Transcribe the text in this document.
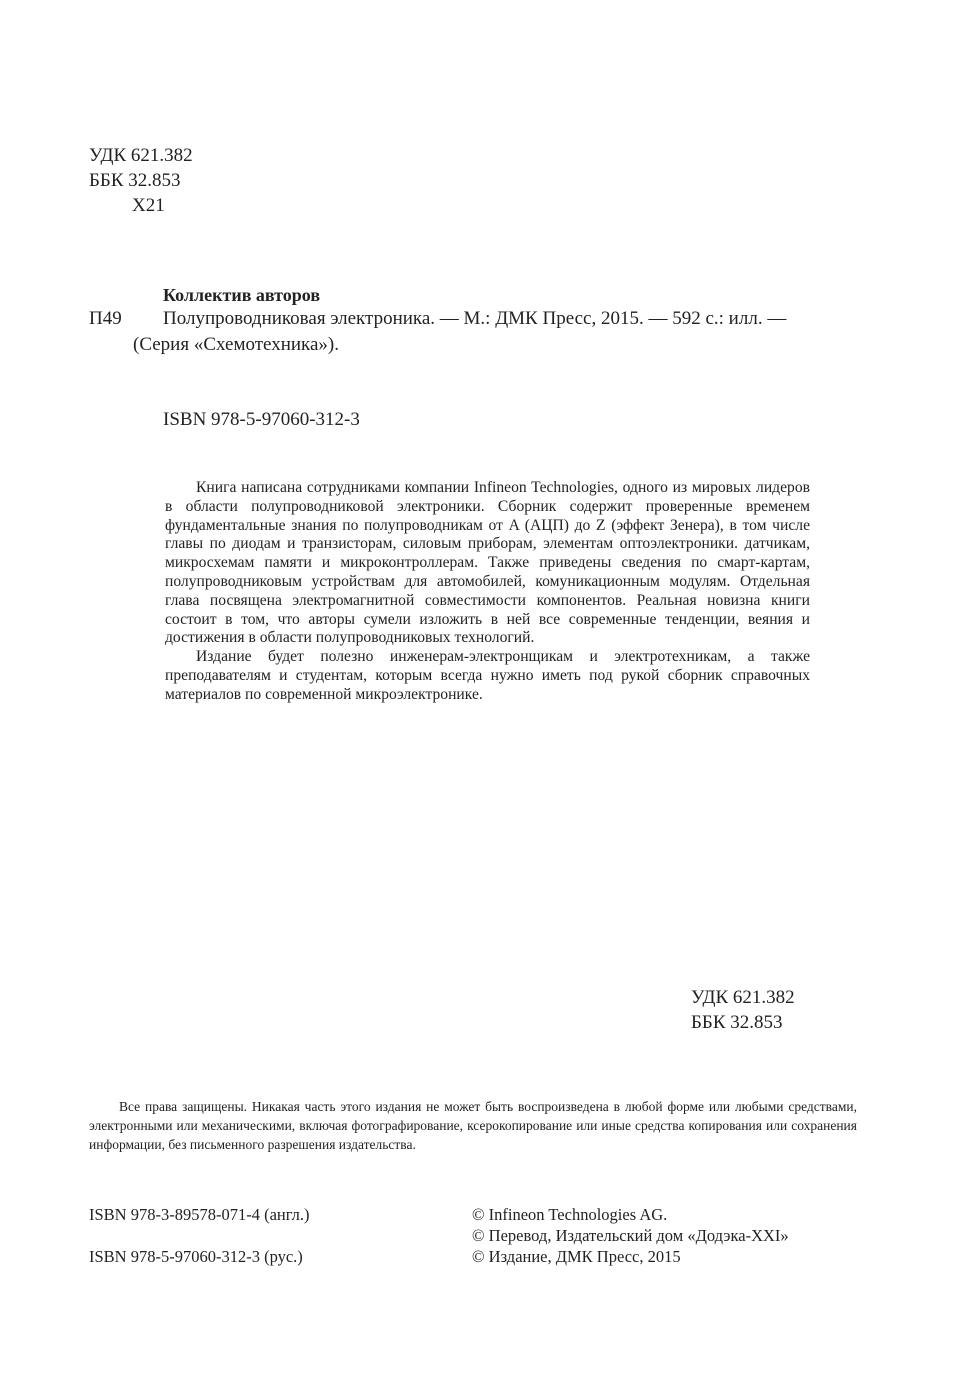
УДК 621.382
ББК 32.853
Х21
Коллектив авторов
П49 Полупроводниковая электроника. — М.: ДМК Пресс, 2015. — 592 с.: илл. —
(Серия «Схемотехника»).
ISBN 978-5-97060-312-3

Книга написана сотрудниками компании Infineon Technologies, одного из мировых лидеров в области полупроводниковой электроники. Сборник содержит проверенные временем фундаментальные знания по полупроводникам от A (АЦП) до Z (эффект Зенера), в том числе главы по диодам и транзисторам, силовым приборам, элементам оптоэлектроники. датчикам, микросхемам памяти и микроконтроллерам. Также приведены сведения по смарт-картам, полупроводниковым устройствам для автомобилей, комуникационным модулям. Отдельная глава посвящена электромагнитной совместимости компонентов. Реальная новизна книги состоит в том, что авторы сумели изложить в ней все современные тенденции, веяния и достижения в области полупроводниковых технологий.

Издание будет полезно инженерам-электронщикам и электротехникам, а также преподавателям и студентам, которым всегда нужно иметь под рукой сборник справочных материалов по современной микроэлектронике.

УДК 621.382
ББК 32.853
Все права защищены. Никакая часть этого издания не может быть воспроизведена в любой форме или любыми средствами, электронными или механическими, включая фотографирование, ксерокопирование или иные средства копирования или сохранения информации, без письменного разрешения издательства.
ISBN 978-3-89578-071-4 (англ.)
ISBN 978-5-97060-312-3 (рус.)
© Infineon Technologies AG.
© Перевод, Издательский дом «Додэка-XXI»
© Издание, ДМК Пресс, 2015
